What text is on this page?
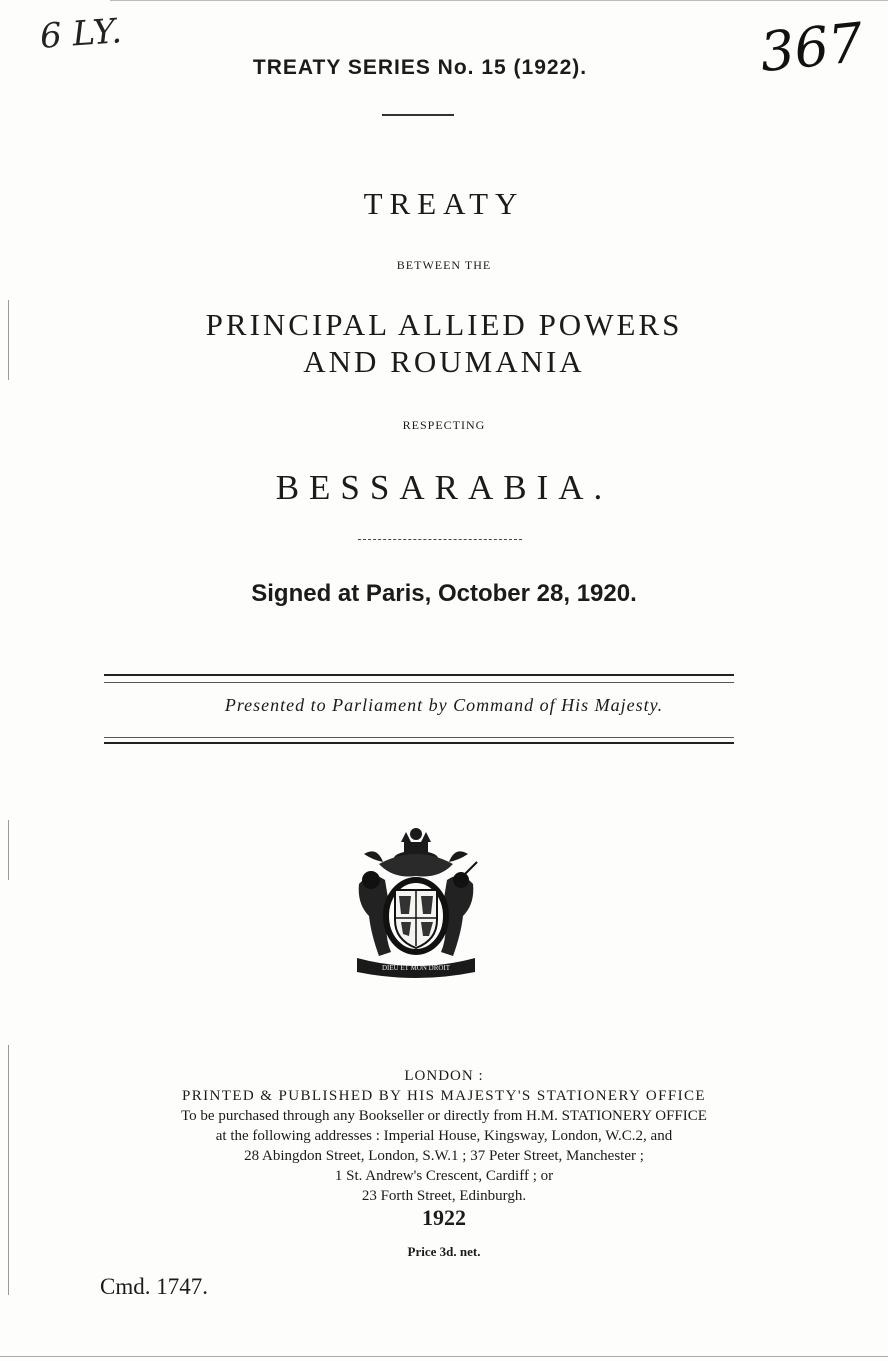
6 LY.	367
TREATY SERIES No. 15 (1922).
TREATY
BETWEEN THE
PRINCIPAL ALLIED POWERS
AND ROUMANIA
RESPECTING
BESSARABIA.
Signed at Paris, October 28, 1920.
Presented to Parliament by Command of His Majesty.
DIEU ET MON DROIT
LONDON :
PRINTED & PUBLISHED BY HIS MAJESTY'S STATIONERY OFFICE
To be purchased through any Bookseller or directly from H.M. STATIONERY OFFICE
at the following addresses : Imperial House, Kingsway, London, W.C.2, and
28 Abingdon Street, London, S.W.1 ; 37 Peter Street, Manchester ;
1 St. Andrew's Crescent, Cardiff ; or
23 Forth Street, Edinburgh.
1922
Price 3d. net.
Cmd. 1747.
